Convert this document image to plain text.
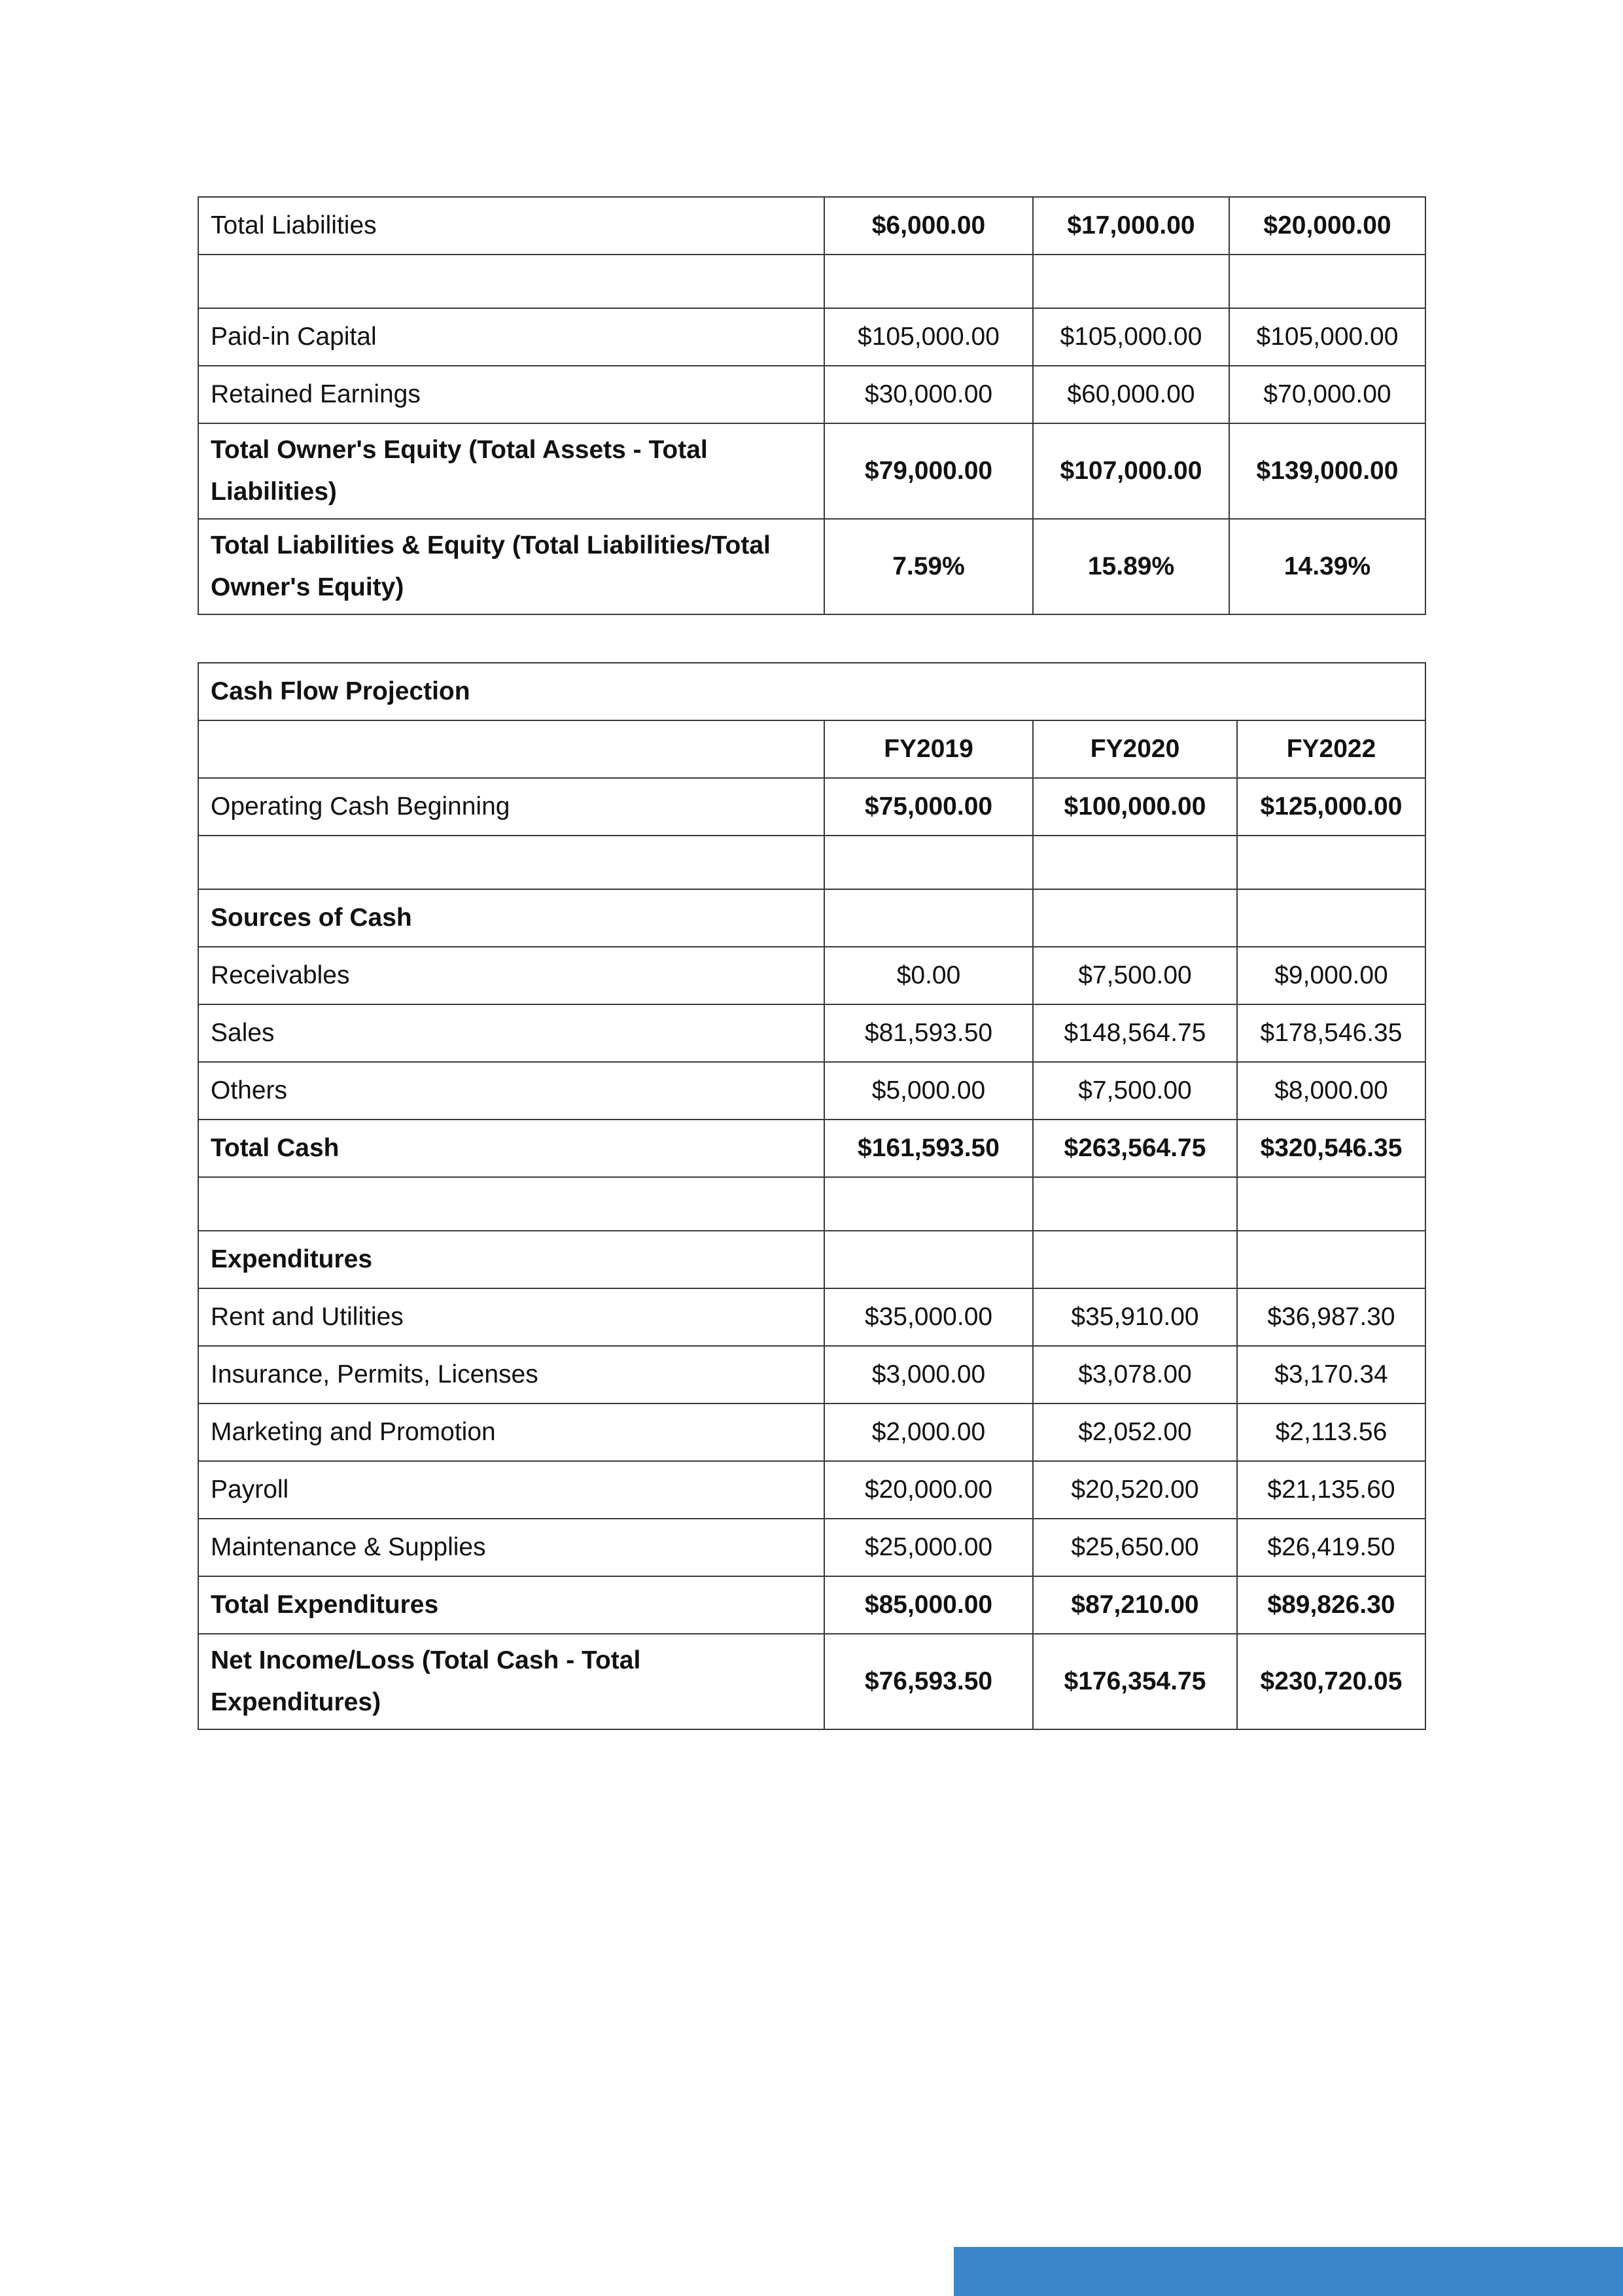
Total Liabilities	$6,000.00	$17,000.00	$20,000.00

Paid-in Capital	$105,000.00	$105,000.00	$105,000.00
Retained Earnings	$30,000.00	$60,000.00	$70,000.00
Total Owner's Equity (Total Assets - Total Liabilities)	$79,000.00	$107,000.00	$139,000.00
Total Liabilities & Equity (Total Liabilities/Total Owner's Equity)	7.59%	15.89%	14.39%
Cash Flow Projection			
	FY2019	FY2020	FY2022
Operating Cash Beginning	$75,000.00	$100,000.00	$125,000.00

Sources of Cash			
Receivables	$0.00	$7,500.00	$9,000.00
Sales	$81,593.50	$148,564.75	$178,546.35
Others	$5,000.00	$7,500.00	$8,000.00
Total Cash	$161,593.50	$263,564.75	$320,546.35

Expenditures			
Rent and Utilities	$35,000.00	$35,910.00	$36,987.30
Insurance, Permits, Licenses	$3,000.00	$3,078.00	$3,170.34
Marketing and Promotion	$2,000.00	$2,052.00	$2,113.56
Payroll	$20,000.00	$20,520.00	$21,135.60
Maintenance & Supplies	$25,000.00	$25,650.00	$26,419.50
Total Expenditures	$85,000.00	$87,210.00	$89,826.30
Net Income/Loss (Total Cash - Total Expenditures)	$76,593.50	$176,354.75	$230,720.05
